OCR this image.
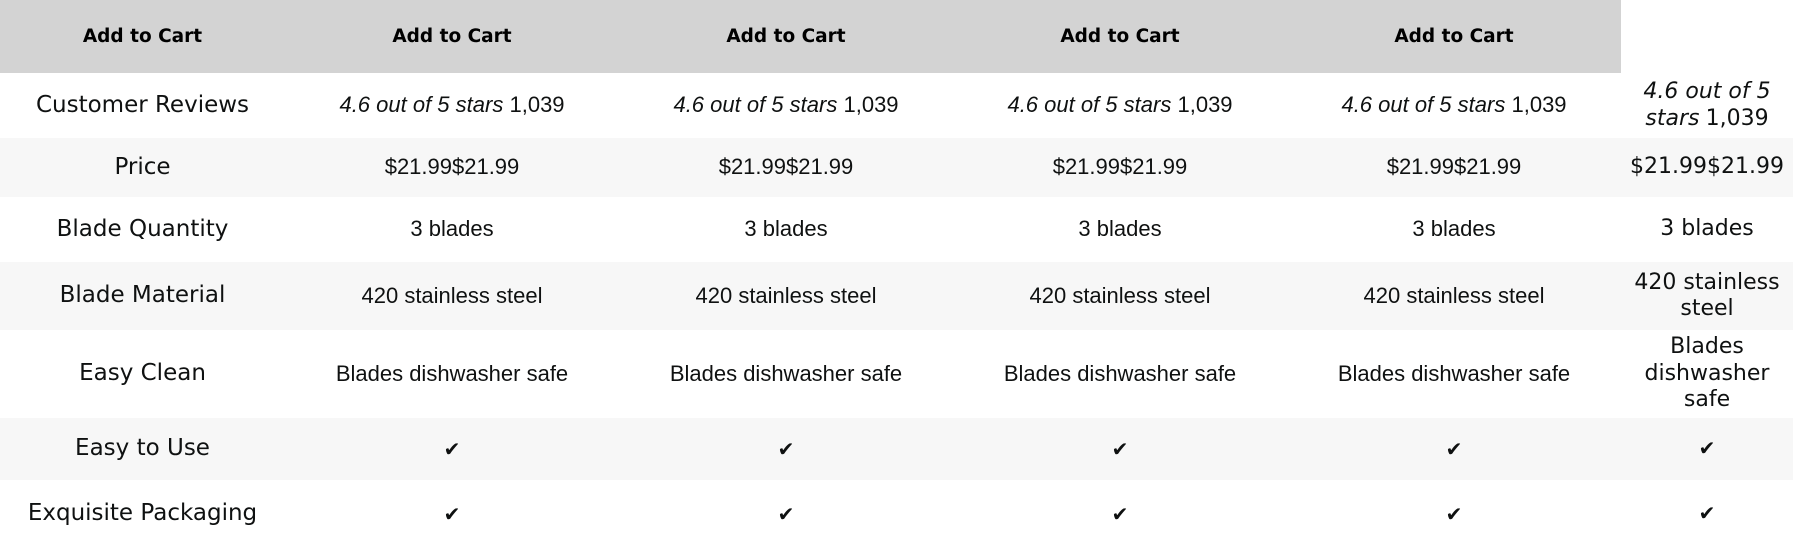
Add to Cart	Add to Cart	Add to Cart	Add to Cart	Add to Cart	
Customer Reviews	4.6 out of 5 stars 1,039	4.6 out of 5 stars 1,039	4.6 out of 5 stars 1,039	4.6 out of 5 stars 1,039	4.6 out of 5 stars 1,039
Price	$21.99$21.99	$21.99$21.99	$21.99$21.99	$21.99$21.99	$21.99$21.99
Blade Quantity	3 blades	3 blades	3 blades	3 blades	3 blades
Blade Material	420 stainless steel	420 stainless steel	420 stainless steel	420 stainless steel	420 stainless steel
Easy Clean	Blades dishwasher safe	Blades dishwasher safe	Blades dishwasher safe	Blades dishwasher safe	Blades dishwasher safe
Easy to Use	✔	✔	✔	✔	✔
Exquisite Packaging	✔	✔	✔	✔	✔
